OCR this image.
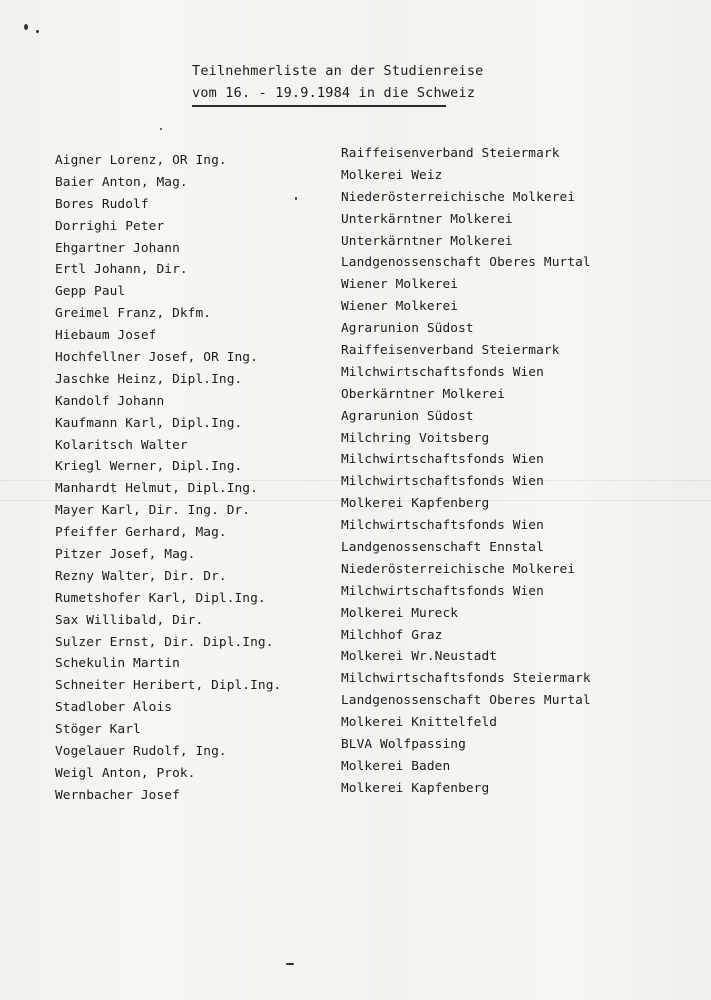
Teilnehmerliste an der Studienreise
vom 16. - 19.9.1984 in die Schweiz
Aigner Lorenz, OR Ing.
Baier Anton, Mag.
Bores Rudolf
Dorrighi Peter
Ehgartner Johann
Ertl Johann, Dir.
Gepp Paul
Greimel Franz, Dkfm.
Hiebaum Josef
Hochfellner Josef, OR Ing.
Jaschke Heinz, Dipl.Ing.
Kandolf Johann
Kaufmann Karl, Dipl.Ing.
Kolaritsch Walter
Kriegl Werner, Dipl.Ing.
Manhardt Helmut, Dipl.Ing.
Mayer Karl, Dir. Ing. Dr.
Pfeiffer Gerhard, Mag.
Pitzer Josef, Mag.
Rezny Walter, Dir. Dr.
Rumetshofer Karl, Dipl.Ing.
Sax Willibald, Dir.
Sulzer Ernst, Dir. Dipl.Ing.
Schekulin Martin
Schneiter Heribert, Dipl.Ing.
Stadlober Alois
Stöger Karl
Vogelauer Rudolf, Ing.
Weigl Anton, Prok.
Wernbacher Josef
Raiffeisenverband Steiermark
Molkerei Weiz
Niederösterreichische Molkerei
Unterkärntner Molkerei
Unterkärntner Molkerei
Landgenossenschaft Oberes Murtal
Wiener Molkerei
Wiener Molkerei
Agrarunion Südost
Raiffeisenverband Steiermark
Milchwirtschaftsfonds Wien
Oberkärntner Molkerei
Agrarunion Südost
Milchring Voitsberg
Milchwirtschaftsfonds Wien
Milchwirtschaftsfonds Wien
Molkerei Kapfenberg
Milchwirtschaftsfonds Wien
Landgenossenschaft Ennstal
Niederösterreichische Molkerei
Milchwirtschaftsfonds Wien
Molkerei Mureck
Milchhof Graz
Molkerei Wr.Neustadt
Milchwirtschaftsfonds Steiermark
Landgenossenschaft Oberes Murtal
Molkerei Knittelfeld
BLVA Wolfpassing
Molkerei Baden
Molkerei Kapfenberg
